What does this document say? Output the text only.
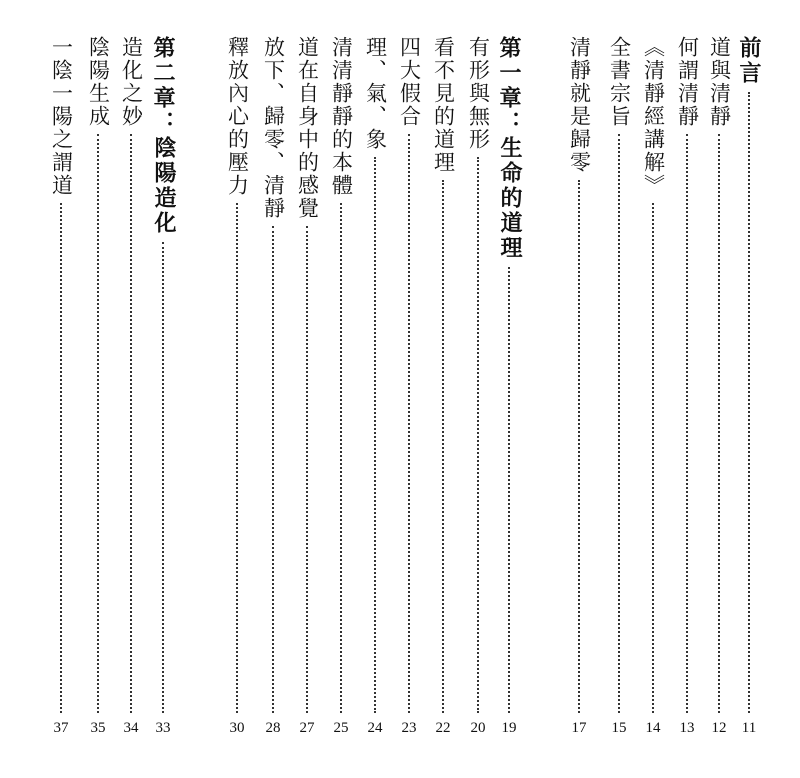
前言
11
道與清靜
12
何謂清靜
13
《清靜經講解》
14
全書宗旨
15
清靜就是歸零
17
第一章：生命的道理
19
有形與無形
20
看不見的道理
22
四大假合
23
理、氣、象
24
清清靜靜的本體
25
道在自身中的感覺
27
放下、歸零、清靜
28
釋放內心的壓力
30
第二章：陰陽造化
33
造化之妙
34
陰陽生成
35
一陰一陽之謂道
37
